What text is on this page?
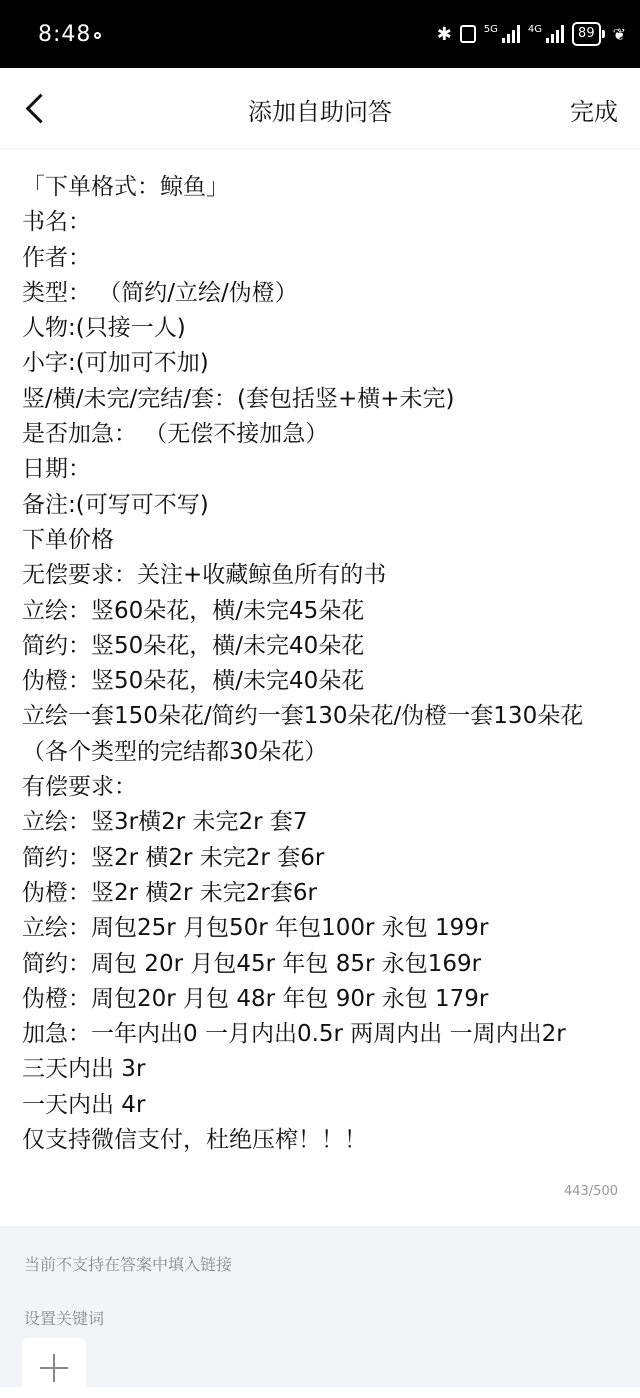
8:48	✱	5G	4G	89	❦
添加自助问答	完成
「下单格式：鲸鱼」
书名：
作者：
类型： （简约/立绘/伪橙）
人物:(只接一人)
小字:(可加可不加)
竖/横/未完/完结/套：(套包括竖+横+未完)
是否加急： （无偿不接加急）
日期：
备注:(可写可不写)
下单价格
无偿要求：关注+收藏鲸鱼所有的书
立绘：竖60朵花，横/未完45朵花
简约：竖50朵花，横/未完40朵花
伪橙：竖50朵花，横/未完40朵花
立绘一套150朵花/简约一套130朵花/伪橙一套130朵花
（各个类型的完结都30朵花）
有偿要求：
立绘：竖3r横2r 未完2r 套7
简约：竖2r 横2r 未完2r 套6r
伪橙：竖2r 横2r 未完2r套6r
立绘：周包25r 月包50r 年包100r 永包 199r
简约：周包 20r 月包45r 年包 85r 永包169r
伪橙：周包20r 月包 48r 年包 90r 永包 179r
加急：一年内出0 一月内出0.5r 两周内出 一周内出2r
三天内出 3r
一天内出 4r
仅支持微信支付，杜绝压榨！！！
443/500
当前不支持在答案中填入链接
设置关键词
